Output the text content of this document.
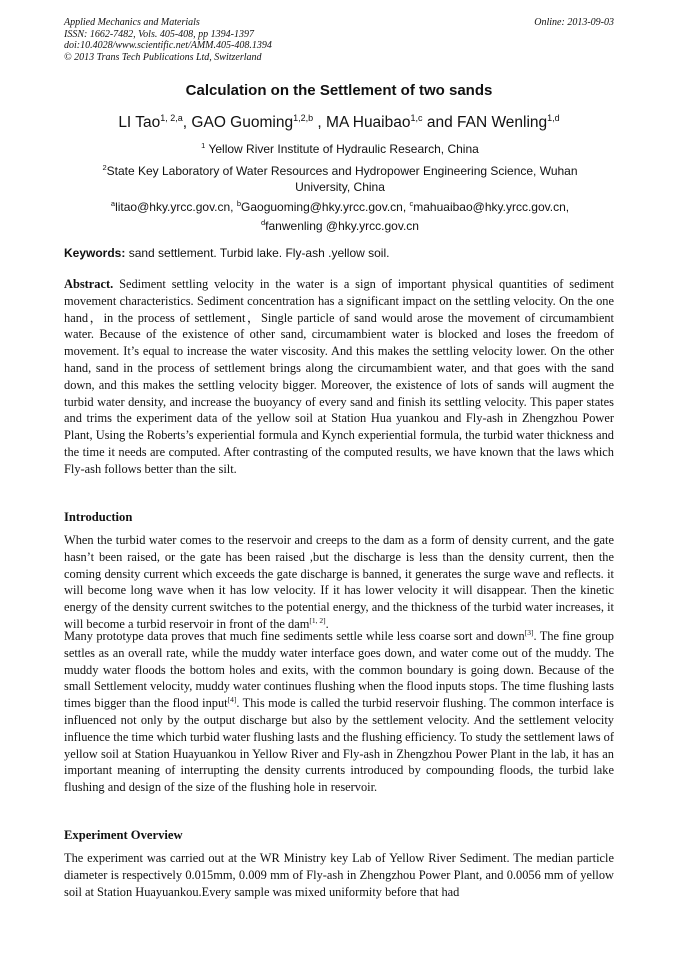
Applied Mechanics and Materials
ISSN: 1662-7482, Vols. 405-408, pp 1394-1397
doi:10.4028/www.scientific.net/AMM.405-408.1394
© 2013 Trans Tech Publications Ltd, Switzerland
Online: 2013-09-03
Calculation on the Settlement of two sands
LI Tao$^{1, 2,a}$, GAO Guoming$^{1,2,b}$ , MA Huaibao$^{1,c}$ and FAN Wenling$^{1,d}$
$^1$ Yellow River Institute of Hydraulic Research, China
$^2$State Key Laboratory of Water Resources and Hydropower Engineering Science, Wuhan University, China
$^a$litao@hky.yrcc.gov.cn, $^b$Gaoguoming@hky.yrcc.gov.cn, $^c$mahuaibao@hky.yrcc.gov.cn,
$^d$fanwenling @hky.yrcc.gov.cn
Keywords: sand settlement. Turbid lake. Fly-ash .yellow soil.
Abstract. Sediment settling velocity in the water is a sign of important physical quantities of sediment movement characteristics. Sediment concentration has a significant impact on the settling velocity. On the one hand，in the process of settlement，Single particle of sand would arose the movement of circumambient water. Because of the existence of other sand, circumambient water is blocked and loses the freedom of movement. It’s equal to increase the water viscosity. And this makes the settling velocity lower. On the other hand, sand in the process of settlement brings along the circumambient water, and that goes with the sand down, and this makes the settling velocity bigger. Moreover, the existence of lots of sands will augment the turbid water density, and increase the buoyancy of every sand and finish its settling velocity. This paper states and trims the experiment data of the yellow soil at Station Hua yuankou and Fly-ash in Zhengzhou Power Plant, Using the Roberts’s experiential formula and Kynch experiential formula, the turbid water thickness and the time it needs are computed. After contrasting of the computed results, we have known that the laws which Fly-ash follows better than the silt.
Introduction
When the turbid water comes to the reservoir and creeps to the dam as a form of density current, and the gate hasn’t been raised, or the gate has been raised ,but the discharge is less than the density current, then the coming density current which exceeds the gate discharge is banned, it generates the surge wave and reflects. it will become long wave when it has low velocity. If it has lower velocity it will disappear. Then the kinetic energy of the density current switches to the potential energy, and the thickness of the turbid water increases, it will become a turbid reservoir in front of the dam[1, 2].
Many prototype data proves that much fine sediments settle while less coarse sort and down[3]. The fine group settles as an overall rate, while the muddy water interface goes down, and water come out of the muddy. The muddy water floods the bottom holes and exits, with the common boundary is going down. Because of the small Settlement velocity, muddy water continues flushing when the flood inputs stops. The time flushing lasts times bigger than the flood input[4]. This mode is called the turbid reservoir flushing. The common interface is influenced not only by the output discharge but also by the settlement velocity. And the settlement velocity influence the time which turbid water flushing lasts and the flushing efficiency. To study the settlement laws of yellow soil at Station Huayuankou in Yellow River and Fly-ash in Zhengzhou Power Plant in the lab, it has an important meaning of interrupting the density currents introduced by compounding floods, the turbid lake flushing and design of the size of the flushing hole in reservoir.
Experiment Overview
The experiment was carried out at the WR Ministry key Lab of Yellow River Sediment. The median particle diameter is respectively 0.015mm, 0.009 mm of Fly-ash in Zhengzhou Power Plant, and 0.0056 mm of yellow soil at Station Huayuankou.Every sample was mixed uniformity before that had
